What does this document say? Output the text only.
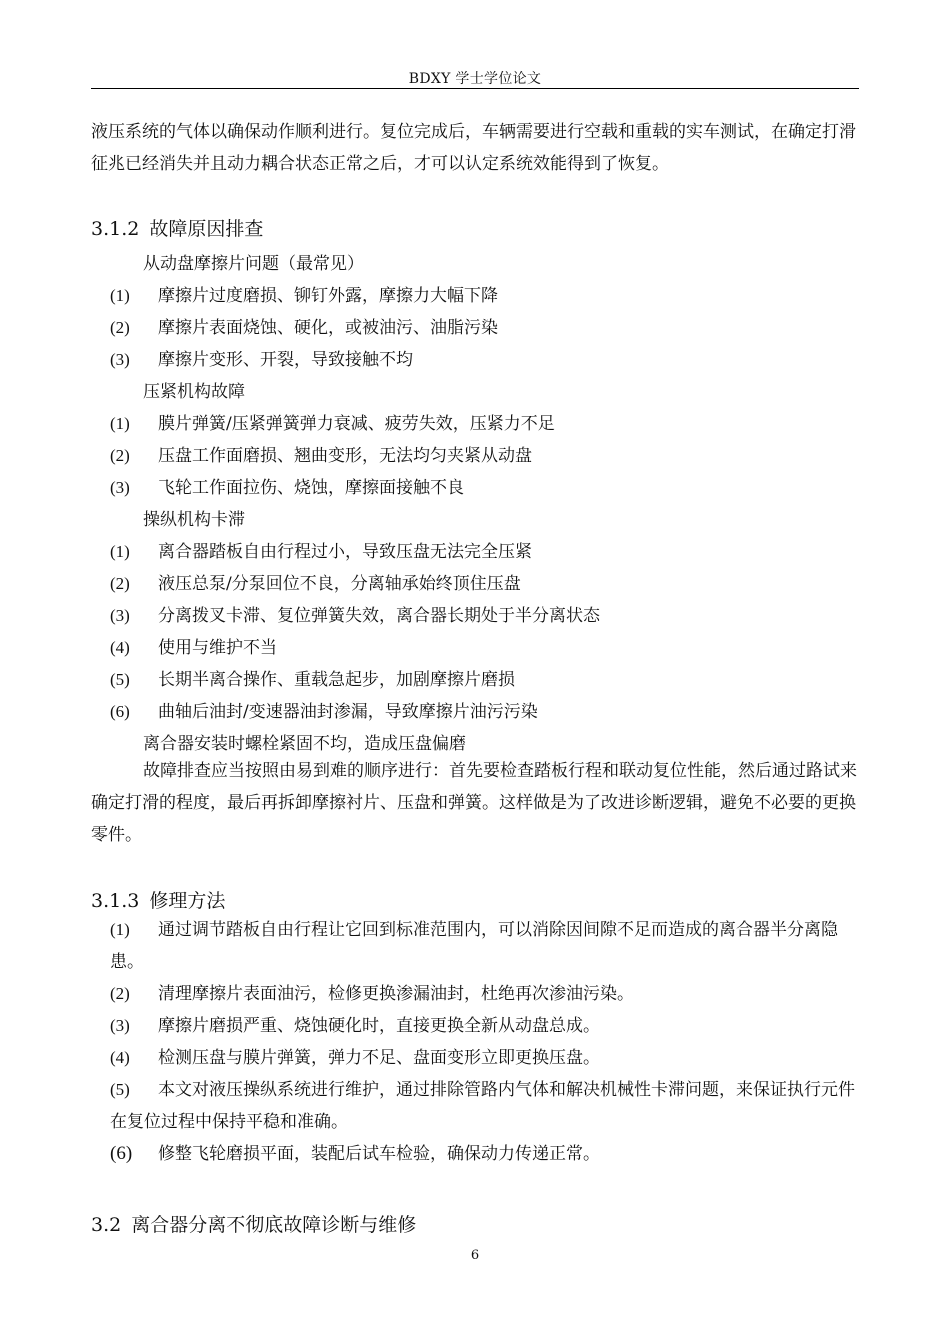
BDXY 学士学位论文
液压系统的气体以确保动作顺利进行。复位完成后，车辆需要进行空载和重载的实车测试，在确定打滑征兆已经消失并且动力耦合状态正常之后，才可以认定系统效能得到了恢复。
3.1.2 故障原因排查
从动盘摩擦片问题（最常见）
(1) 摩擦片过度磨损、铆钉外露，摩擦力大幅下降
(2) 摩擦片表面烧蚀、硬化，或被油污、油脂污染
(3) 摩擦片变形、开裂，导致接触不均
压紧机构故障
(1) 膜片弹簧/压紧弹簧弹力衰减、疲劳失效，压紧力不足
(2) 压盘工作面磨损、翘曲变形，无法均匀夹紧从动盘
(3) 飞轮工作面拉伤、烧蚀，摩擦面接触不良
操纵机构卡滞
(1) 离合器踏板自由行程过小，导致压盘无法完全压紧
(2) 液压总泵/分泵回位不良，分离轴承始终顶住压盘
(3) 分离拨叉卡滞、复位弹簧失效，离合器长期处于半分离状态
(4) 使用与维护不当
(5) 长期半离合操作、重载急起步，加剧摩擦片磨损
(6) 曲轴后油封/变速器油封渗漏，导致摩擦片油污污染
离合器安装时螺栓紧固不均，造成压盘偏磨
故障排查应当按照由易到难的顺序进行：首先要检查踏板行程和联动复位性能，然后通过路试来确定打滑的程度，最后再拆卸摩擦衬片、压盘和弹簧。这样做是为了改进诊断逻辑，避免不必要的更换零件。
3.1.3 修理方法
(1) 通过调节踏板自由行程让它回到标准范围内，可以消除因间隙不足而造成的离合器半分离隐患。
(2) 清理摩擦片表面油污，检修更换渗漏油封，杜绝再次渗油污染。
(3) 摩擦片磨损严重、烧蚀硬化时，直接更换全新从动盘总成。
(4) 检测压盘与膜片弹簧，弹力不足、盘面变形立即更换压盘。
(5) 本文对液压操纵系统进行维护，通过排除管路内气体和解决机械性卡滞问题，来保证执行元件在复位过程中保持平稳和准确。
(6) 修整飞轮磨损平面，装配后试车检验，确保动力传递正常。
3.2 离合器分离不彻底故障诊断与维修
6
